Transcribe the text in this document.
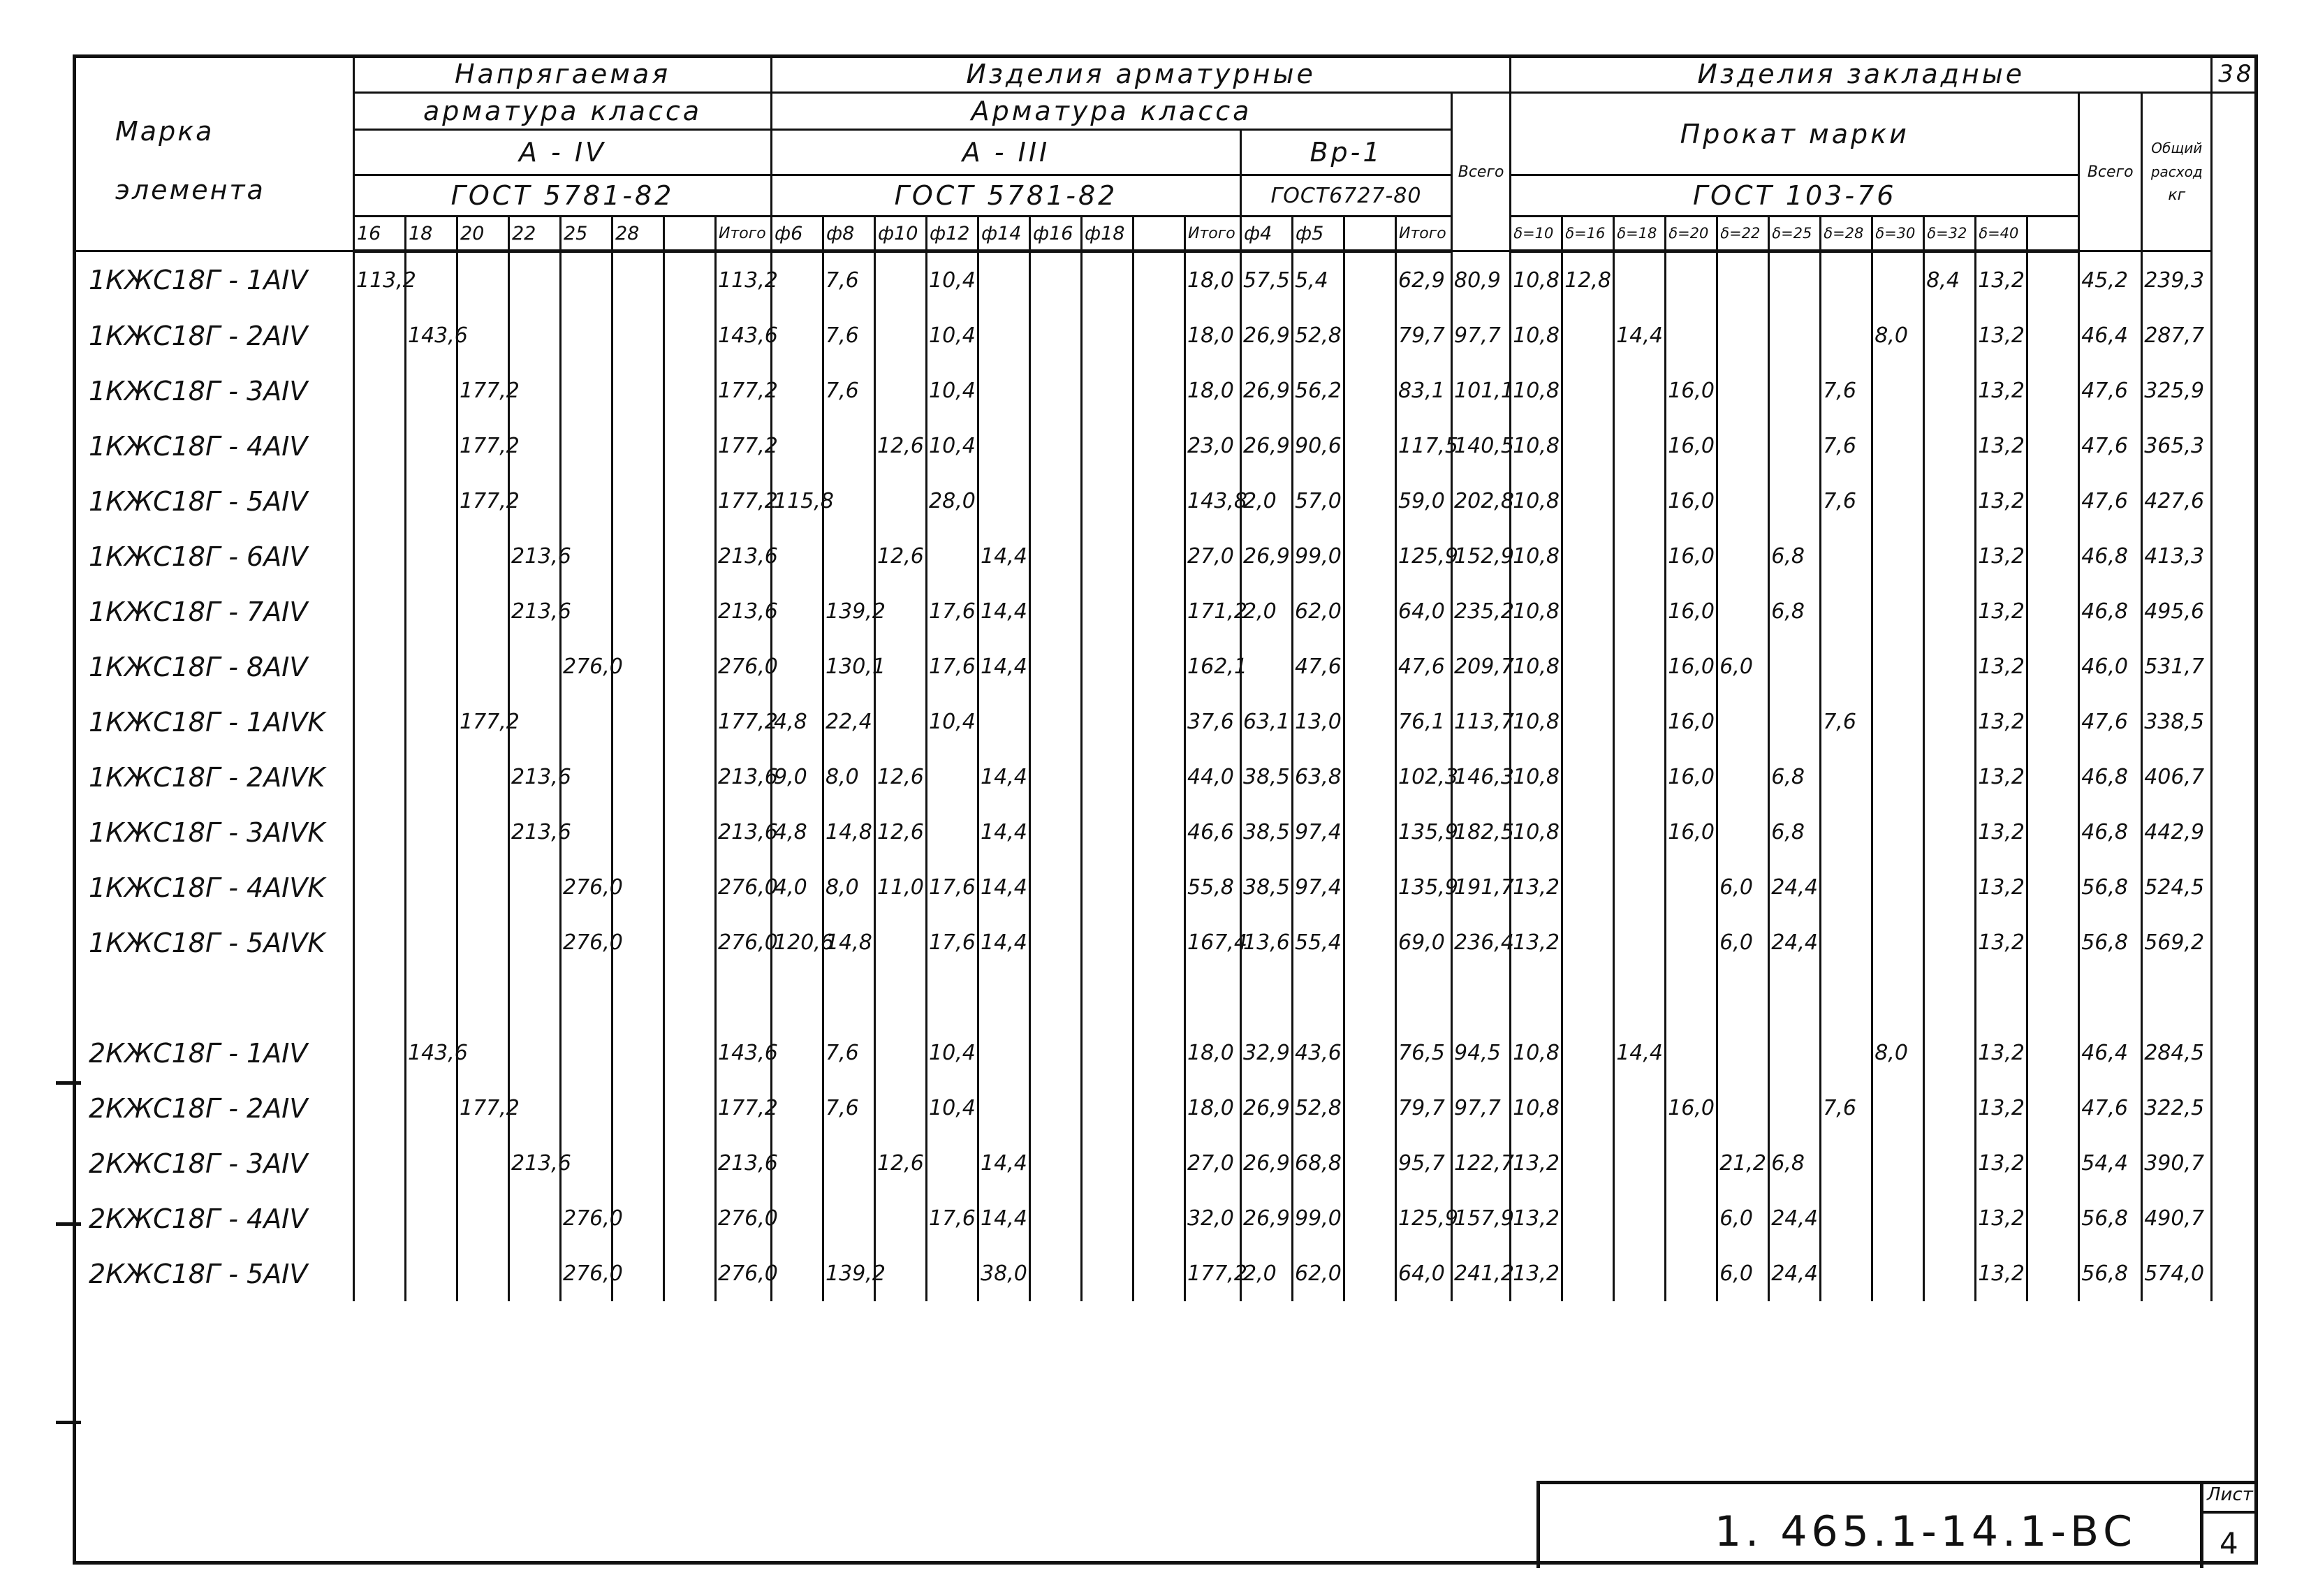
Марка
элемента	Напрягаемая								Изделия арматурные														Изделия закладные													38
	арматура класса								Арматура класса													Всего	Прокат марки											Всего	Общий расход
кг	

	А - IV								А - III									Вр-1																		
	ГОСТ 5781-82								ГОСТ 5781-82									ГОСТ6727-80					ГОСТ 103-76													
	16	18	20	22	25	28		Итого	ф6	ф8	ф10	ф12	ф14	ф16	ф18		Итого	ф4	ф5		Итого		δ=10	δ=16	δ=18	δ=20	δ=22	δ=25	δ=28	δ=30	δ=32	δ=40				
1КЖС18Г - 1AIV	113,2							113,2		7,6		10,4					18,0	57,5	5,4		62,9	80,9	10,8	12,8							8,4	13,2		45,2	239,3	
1КЖС18Г - 2AIV		143,6						143,6		7,6		10,4					18,0	26,9	52,8		79,7	97,7	10,8		14,4					8,0		13,2		46,4	287,7	
1КЖС18Г - 3AIV			177,2					177,2		7,6		10,4					18,0	26,9	56,2		83,1	101,1	10,8			16,0			7,6			13,2		47,6	325,9	
1КЖС18Г - 4AIV			177,2					177,2			12,6	10,4					23,0	26,9	90,6		117,5	140,5	10,8			16,0			7,6			13,2		47,6	365,3	
1КЖС18Г - 5AIV			177,2					177,2	115,8			28,0					143,8	2,0	57,0		59,0	202,8	10,8			16,0			7,6			13,2		47,6	427,6	
1КЖС18Г - 6AIV				213,6				213,6			12,6		14,4				27,0	26,9	99,0		125,9	152,9	10,8			16,0		6,8				13,2		46,8	413,3	
1КЖС18Г - 7AIV				213,6				213,6		139,2		17,6	14,4				171,2	2,0	62,0		64,0	235,2	10,8			16,0		6,8				13,2		46,8	495,6	
1КЖС18Г - 8AIV					276,0			276,0		130,1		17,6	14,4				162,1		47,6		47,6	209,7	10,8			16,0	6,0					13,2		46,0	531,7	
1КЖС18Г - 1AIVK			177,2					177,2	4,8	22,4		10,4					37,6	63,1	13,0		76,1	113,7	10,8			16,0			7,6			13,2		47,6	338,5	
1КЖС18Г - 2AIVK				213,6				213,6	9,0	8,0	12,6		14,4				44,0	38,5	63,8		102,3	146,3	10,8			16,0		6,8				13,2		46,8	406,7	
1КЖС18Г - 3AIVK				213,6				213,6	4,8	14,8	12,6		14,4				46,6	38,5	97,4		135,9	182,5	10,8			16,0		6,8				13,2		46,8	442,9	
1КЖС18Г - 4AIVK					276,0			276,0	4,0	8,0	11,0	17,6	14,4				55,8	38,5	97,4		135,9	191,7	13,2				6,0	24,4				13,2		56,8	524,5	
1КЖС18Г - 5AIVK					276,0			276,0	120,6	14,8		17,6	14,4				167,4	13,6	55,4		69,0	236,4	13,2				6,0	24,4				13,2		56,8	569,2	

2КЖС18Г - 1AIV		143,6						143,6		7,6		10,4					18,0	32,9	43,6		76,5	94,5	10,8		14,4					8,0		13,2		46,4	284,5	
2КЖС18Г - 2AIV			177,2					177,2		7,6		10,4					18,0	26,9	52,8		79,7	97,7	10,8			16,0			7,6			13,2		47,6	322,5	
2КЖС18Г - 3AIV				213,6				213,6			12,6		14,4				27,0	26,9	68,8		95,7	122,7	13,2				21,2	6,8				13,2		54,4	390,7	
2КЖС18Г - 4AIV					276,0			276,0				17,6	14,4				32,0	26,9	99,0		125,9	157,9	13,2				6,0	24,4				13,2		56,8	490,7	
2КЖС18Г - 5AIV					276,0			276,0		139,2			38,0				177,2	2,0	62,0		64,0	241,2	13,2				6,0	24,4				13,2		56,8	574,0	
1. 465.1-14.1-ВС
Лист
4
